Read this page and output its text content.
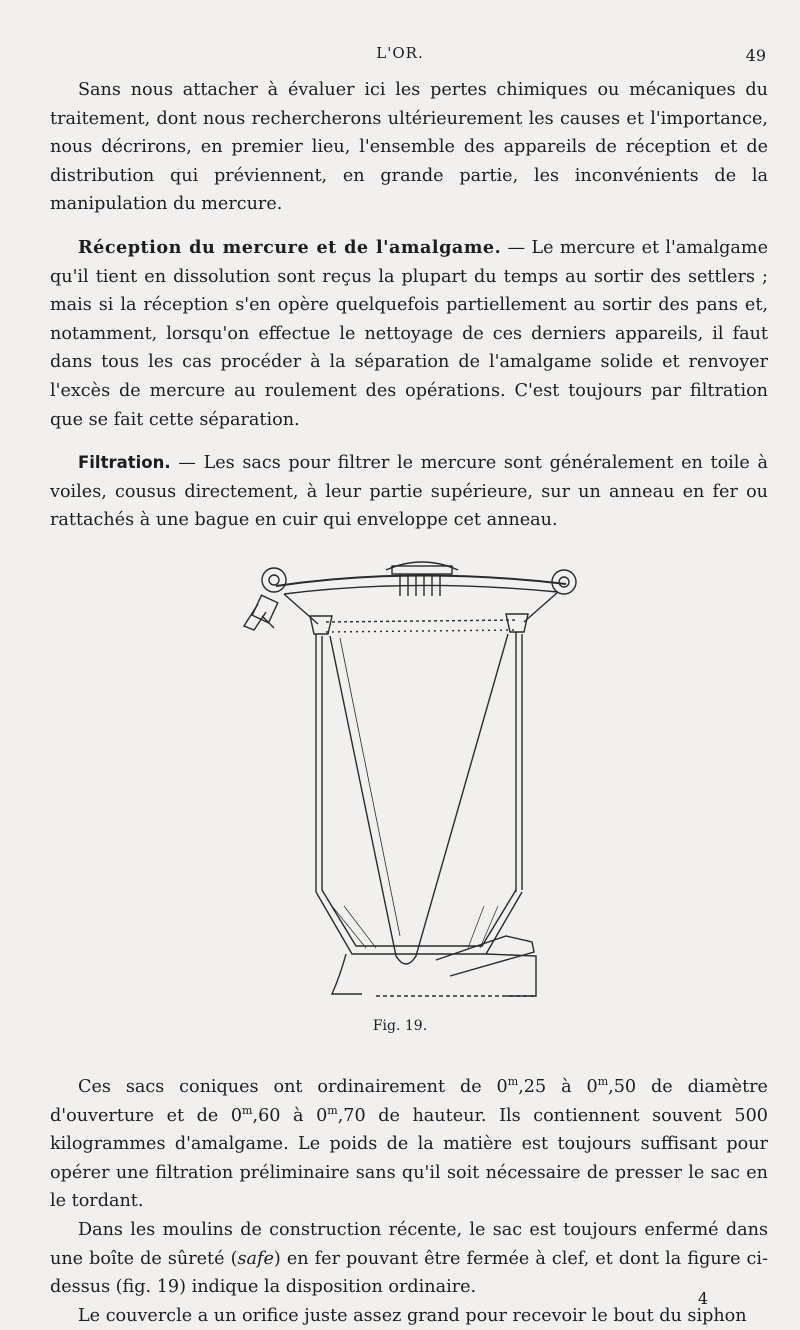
L'OR.	49

Sans nous attacher à évaluer ici les pertes chimiques ou mécaniques du traitement, dont nous rechercherons ultérieurement les causes et l'importance, nous décrirons, en premier lieu, l'ensemble des appareils de réception et de distribution qui préviennent, en grande partie, les inconvénients de la manipulation du mercure.

Réception du mercure et de l'amalgame. — Le mercure et l'amalgame qu'il tient en dissolution sont reçus la plupart du temps au sortir des settlers ; mais si la réception s'en opère quelquefois partiellement au sortir des pans et, notamment, lorsqu'on effectue le nettoyage de ces derniers appareils, il faut dans tous les cas procéder à la séparation de l'amalgame solide et renvoyer l'excès de mercure au roulement des opérations. C'est toujours par filtration que se fait cette séparation.

Filtration. — Les sacs pour filtrer le mercure sont généralement en toile à voiles, cousus directement, à leur partie supérieure, sur un anneau en fer ou rattachés à une bague en cuir qui enveloppe cet anneau.

Fig. 19.

Ces sacs coniques ont ordinairement de 0$^m$,25 à 0$^m$,50 de diamètre d'ouverture et de 0$^m$,60 à 0$^m$,70 de hauteur. Ils contiennent souvent 500 kilogrammes d'amalgame. Le poids de la matière est toujours suffisant pour opérer une filtration préliminaire sans qu'il soit nécessaire de presser le sac en le tordant.

Dans les moulins de construction récente, le sac est toujours enfermé dans une boîte de sûreté (safe) en fer pouvant être fermée à clef, et dont la figure ci-dessus (fig. 19) indique la disposition ordinaire.

Le couvercle a un orifice juste assez grand pour recevoir le bout du siphon

4
